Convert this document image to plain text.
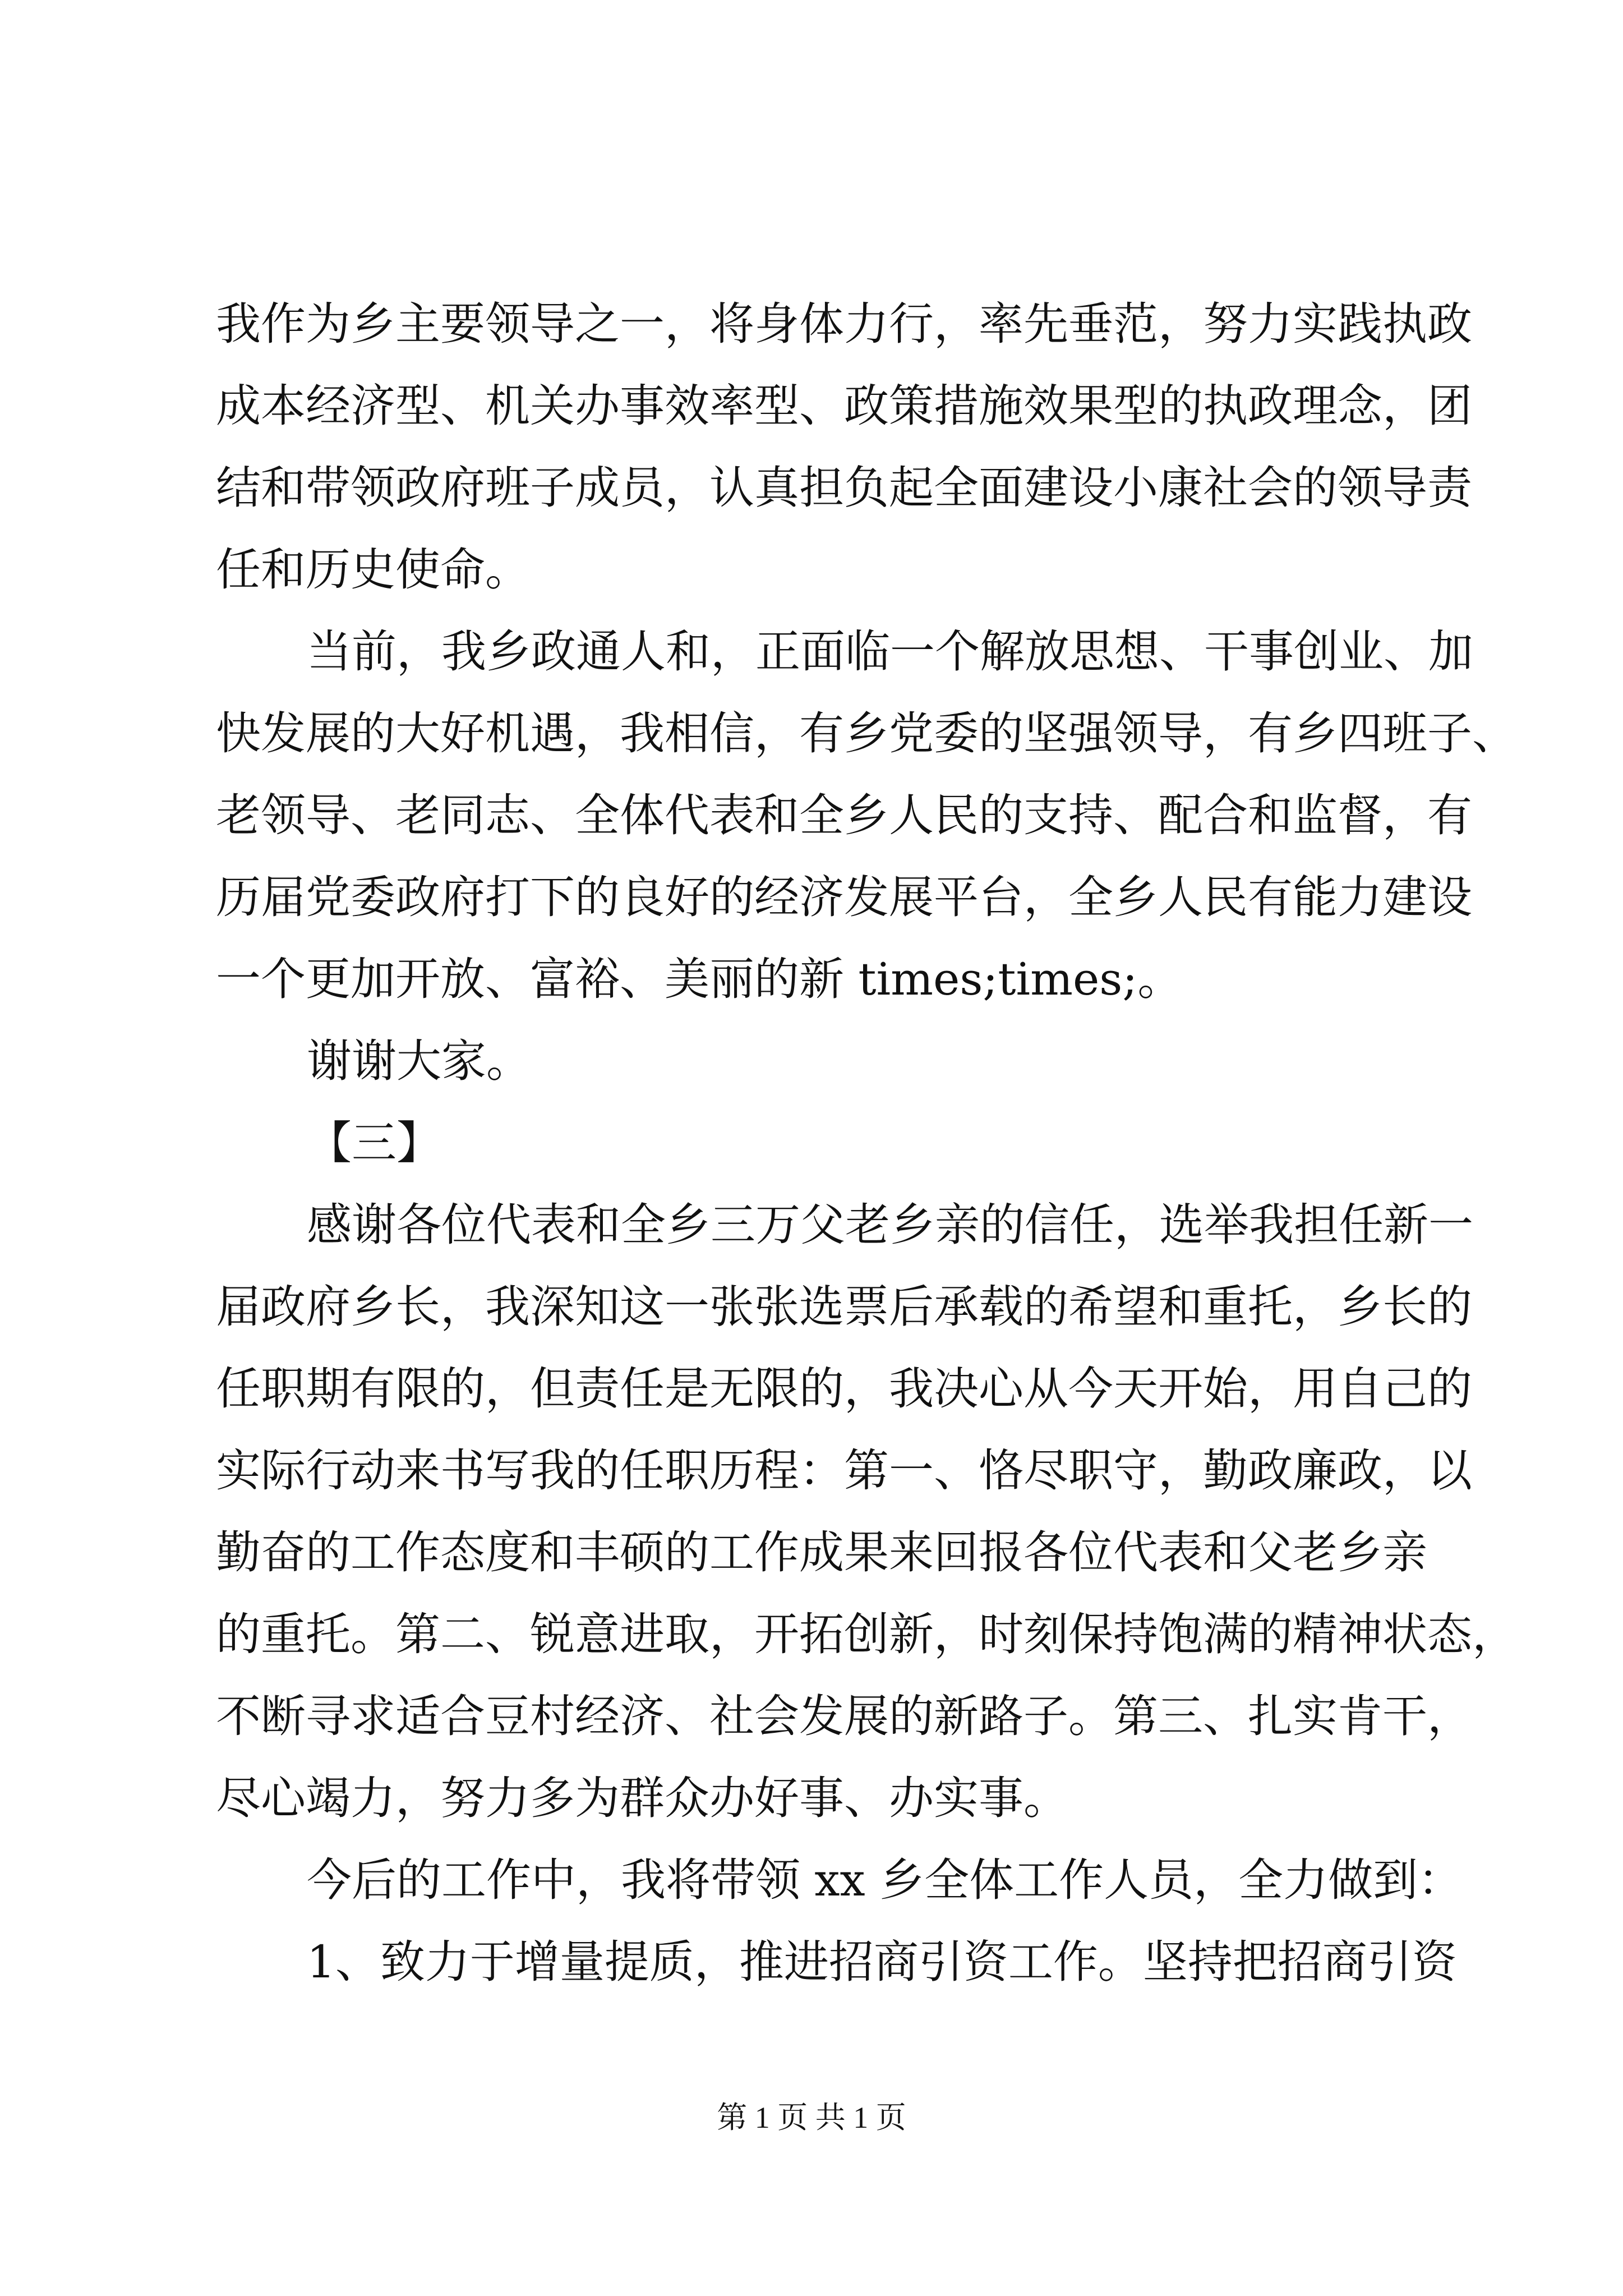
我作为乡主要领导之一，将身体力行，率先垂范，努力实践执政
成本经济型、机关办事效率型、政策措施效果型的执政理念，团
结和带领政府班子成员，认真担负起全面建设小康社会的领导责
任和历史使命。
当前，我乡政通人和，正面临一个解放思想、干事创业、加
快发展的大好机遇，我相信，有乡党委的坚强领导，有乡四班子、
老领导、老同志、全体代表和全乡人民的支持、配合和监督，有
历届党委政府打下的良好的经济发展平台，全乡人民有能力建设
一个更加开放、富裕、美丽的新 times;times;。
谢谢大家。
【三】
感谢各位代表和全乡三万父老乡亲的信任，选举我担任新一
届政府乡长，我深知这一张张选票后承载的希望和重托，乡长的
任职期有限的，但责任是无限的，我决心从今天开始，用自己的
实际行动来书写我的任职历程：第一、恪尽职守，勤政廉政，以
勤奋的工作态度和丰硕的工作成果来回报各位代表和父老乡亲
的重托。第二、锐意进取，开拓创新，时刻保持饱满的精神状态，
不断寻求适合豆村经济、社会发展的新路子。第三、扎实肯干，
尽心竭力，努力多为群众办好事、办实事。
今后的工作中，我将带领 xx 乡全体工作人员，全力做到：
1、致力于增量提质，推进招商引资工作。坚持把招商引资
第 1 页 共 1 页
